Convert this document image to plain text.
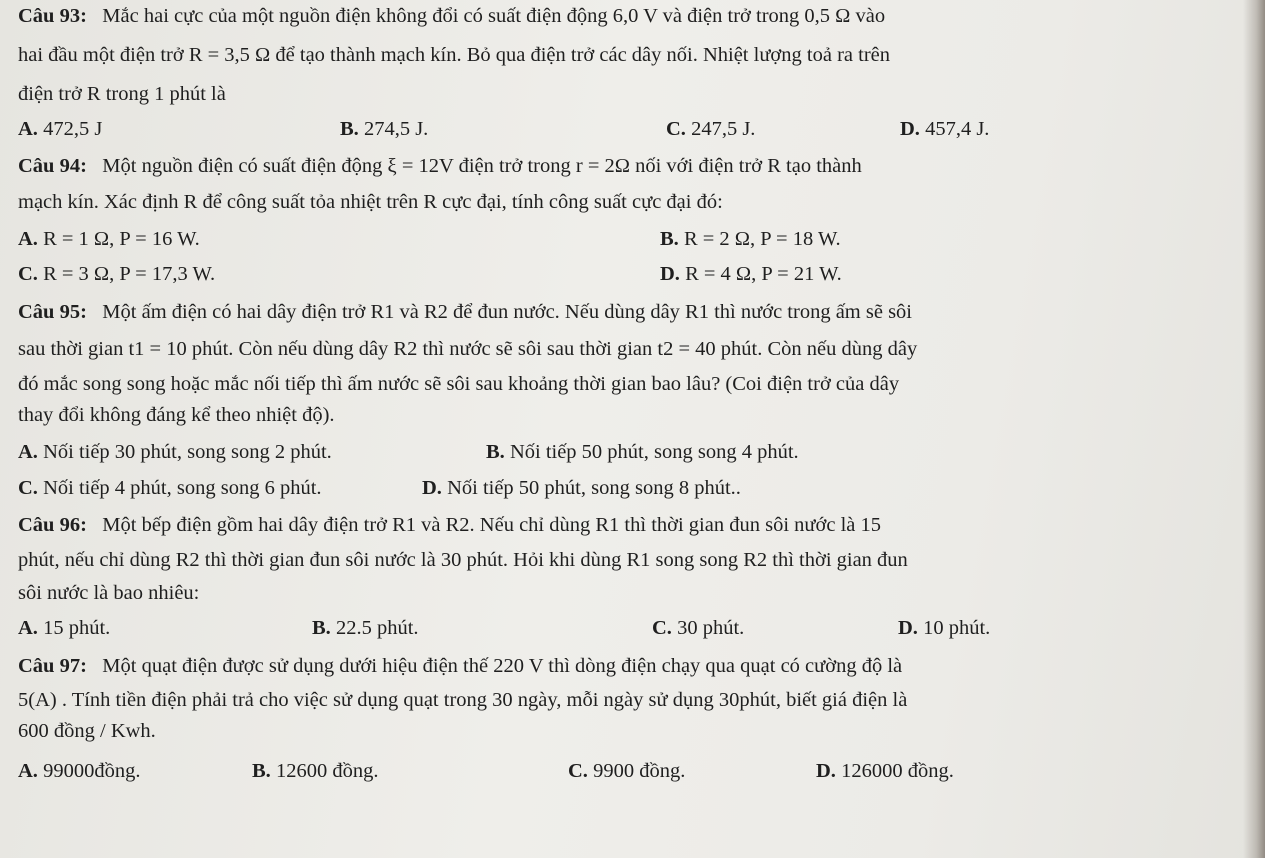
Câu 93: Mắc hai cực của một nguồn điện không đổi có suất điện động 6,0 V và điện trở trong 0,5 Ω vào
hai đầu một điện trở R = 3,5 Ω để tạo thành mạch kín. Bỏ qua điện trở các dây nối. Nhiệt lượng toả ra trên
điện trở R trong 1 phút là
A. 472,5 J	B. 274,5 J.	C. 247,5 J.	D. 457,4 J.
Câu 94: Một nguồn điện có suất điện động ξ = 12V điện trở trong r = 2Ω nối với điện trở R tạo thành
mạch kín. Xác định R để công suất tỏa nhiệt trên R cực đại, tính công suất cực đại đó:
A. R = 1 Ω, P = 16 W.	B. R = 2 Ω, P = 18 W.
C. R = 3 Ω, P = 17,3 W.	D. R = 4 Ω, P = 21 W.
Câu 95: Một ấm điện có hai dây điện trở R1 và R2 để đun nước. Nếu dùng dây R1 thì nước trong ấm sẽ sôi
sau thời gian t1 = 10 phút. Còn nếu dùng dây R2 thì nước sẽ sôi sau thời gian t2 = 40 phút. Còn nếu dùng dây
đó mắc song song hoặc mắc nối tiếp thì ấm nước sẽ sôi sau khoảng thời gian bao lâu? (Coi điện trở của dây
thay đổi không đáng kể theo nhiệt độ).
A. Nối tiếp 30 phút, song song 2 phút.	B. Nối tiếp 50 phút, song song 4 phút.
C. Nối tiếp 4 phút, song song 6 phút.	D. Nối tiếp 50 phút, song song 8 phút..
Câu 96: Một bếp điện gồm hai dây điện trở R1 và R2. Nếu chỉ dùng R1 thì thời gian đun sôi nước là 15
phút, nếu chỉ dùng R2 thì thời gian đun sôi nước là 30 phút. Hỏi khi dùng R1 song song R2 thì thời gian đun
sôi nước là bao nhiêu:
A. 15 phút.	B. 22.5 phút.	C. 30 phút.	D. 10 phút.
Câu 97: Một quạt điện được sử dụng dưới hiệu điện thế 220 V thì dòng điện chạy qua quạt có cường độ là
5(A) . Tính tiền điện phải trả cho việc sử dụng quạt trong 30 ngày, mỗi ngày sử dụng 30phút, biết giá điện là
600 đồng / Kwh.
A. 99000đồng.	B. 12600 đồng.	C. 9900 đồng.	D. 126000 đồng.
